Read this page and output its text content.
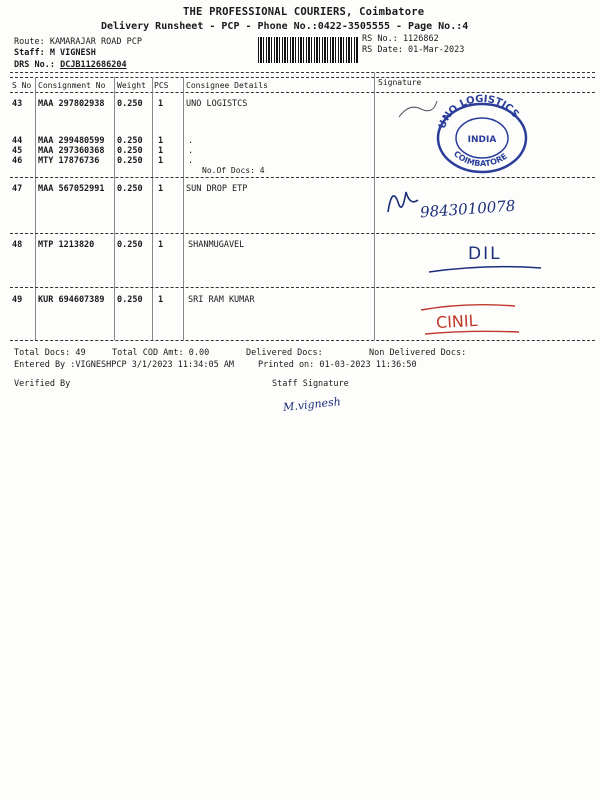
THE PROFESSIONAL COURIERS, Coimbatore
Delivery Runsheet - PCP - Phone No.:0422-3505555 - Page No.:4
Route: KAMARAJAR ROAD PCP
Staff: M VIGNESH
DRS No.: DCJB112686204
RS No.: 1126862
RS Date: 01-Mar-2023
S No Consignment No Weight PCS Consignee Details	Signature
43 MAA 297802938 0.250 1	UNO LOGISTCS
44 MAA 299480599 0.250 1	.
45 MAA 297360368 0.250 1	.
46 MTY 17876736 0.250 1	.
No.Of Docs: 4
47 MAA 567052991 0.250 1	SUN DROP ETP
48 MTP 1213820	0.250 1	SHANMUGAVEL
49 KUR 694607389 0.250 1	SRI RAM KUMAR
UNO LOGISTICS
INDIA
COIMBATORE
9843010078
DIL
CINIL
Total Docs: 49	Total COD Amt: 0.00	Delivered Docs:	Non Delivered Docs:
Entered By :VIGNESHPCP 3/1/2023 11:34:05 AM	Printed on: 01-03-2023 11:36:50
Verified By	Staff Signature
M.vignesh
